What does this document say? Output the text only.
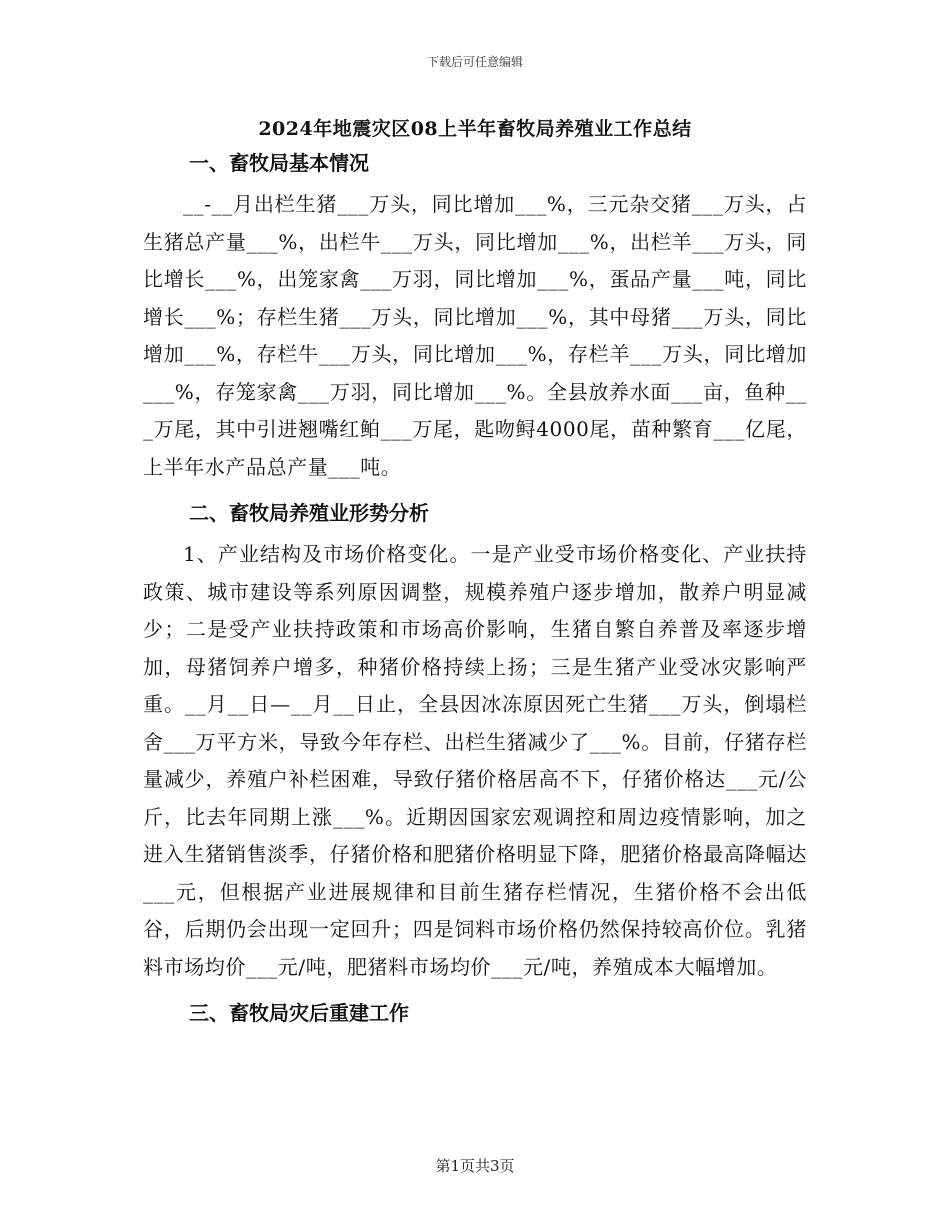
下载后可任意编辑
2024年地震灾区08上半年畜牧局养殖业工作总结
一、畜牧局基本情况

__-__月出栏生猪___万头，同比增加___%，三元杂交猪___万头，占生猪总产量___%，出栏牛___万头，同比增加___%，出栏羊___万头，同比增长___%，出笼家禽___万羽，同比增加___%，蛋品产量___吨，同比增长___%；存栏生猪___万头，同比增加___%，其中母猪___万头，同比增加___%，存栏牛___万头，同比增加___%，存栏羊___万头，同比增加___%，存笼家禽___万羽，同比增加___%。全县放养水面___亩，鱼种___万尾，其中引进翘嘴红鲌___万尾，匙吻鲟4000尾，苗种繁育___亿尾，上半年水产品总产量___吨。

二、畜牧局养殖业形势分析

1、产业结构及市场价格变化。一是产业受市场价格变化、产业扶持政策、城市建设等系列原因调整，规模养殖户逐步增加，散养户明显减少；二是受产业扶持政策和市场高价影响，生猪自繁自养普及率逐步增加，母猪饲养户增多，种猪价格持续上扬；三是生猪产业受冰灾影响严重。__月__日—__月__日止，全县因冰冻原因死亡生猪___万头，倒塌栏舍___万平方米，导致今年存栏、出栏生猪减少了___%。目前，仔猪存栏量减少，养殖户补栏困难，导致仔猪价格居高不下，仔猪价格达___元/公斤，比去年同期上涨___%。近期因国家宏观调控和周边疫情影响，加之进入生猪销售淡季，仔猪价格和肥猪价格明显下降，肥猪价格最高降幅达___元，但根据产业进展规律和目前生猪存栏情况，生猪价格不会出低谷，后期仍会出现一定回升；四是饲料市场价格仍然保持较高价位。乳猪料市场均价___元/吨，肥猪料市场均价___元/吨，养殖成本大幅增加。

三、畜牧局灾后重建工作
第1页共3页
